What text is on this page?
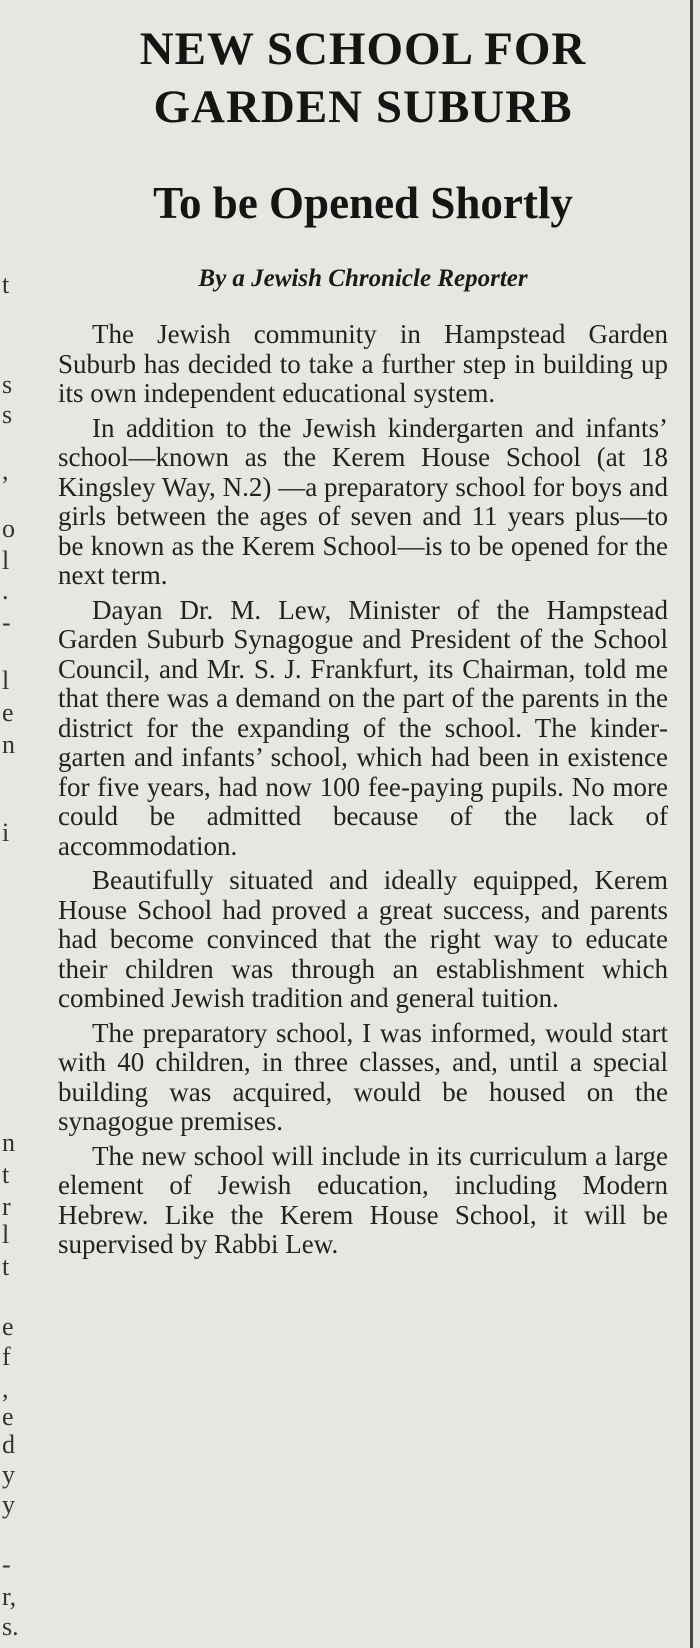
t
s
s
,
o
l
.
-
l
e
n
i
n
t
r
l
t
e
f
,
e
d
y
y
-
r,
s.
NEW SCHOOL FOR GARDEN SUBURB
To be Opened Shortly

By a Jewish Chronicle Reporter

The Jewish community in Hampstead Garden Suburb has decided to take a further step in building up its own independent educational system.

In addition to the Jewish kindergarten and infants’ school—known as the Kerem House School (at 18 Kingsley Way, N.2) —a preparatory school for boys and girls between the ages of seven and 11 years plus—to be known as the Kerem School—is to be opened for the next term.

Dayan Dr. M. Lew, Minister of the Hampstead Garden Suburb Synagogue and President of the School Council, and Mr. S. J. Frankfurt, its Chairman, told me that there was a demand on the part of the parents in the district for the expanding of the school. The kindergarten and infants’ school, which had been in existence for five years, had now 100 fee-paying pupils. No more could be admitted because of the lack of accommodation.

Beautifully situated and ideally equipped, Kerem House School had proved a great success, and parents had become convinced that the right way to educate their children was through an establishment which combined Jewish tradition and general tuition.

The preparatory school, I was informed, would start with 40 children, in three classes, and, until a special building was acquired, would be housed on the synagogue premises.

The new school will include in its curriculum a large element of Jewish education, including Modern Hebrew. Like the Kerem House School, it will be supervised by Rabbi Lew.
